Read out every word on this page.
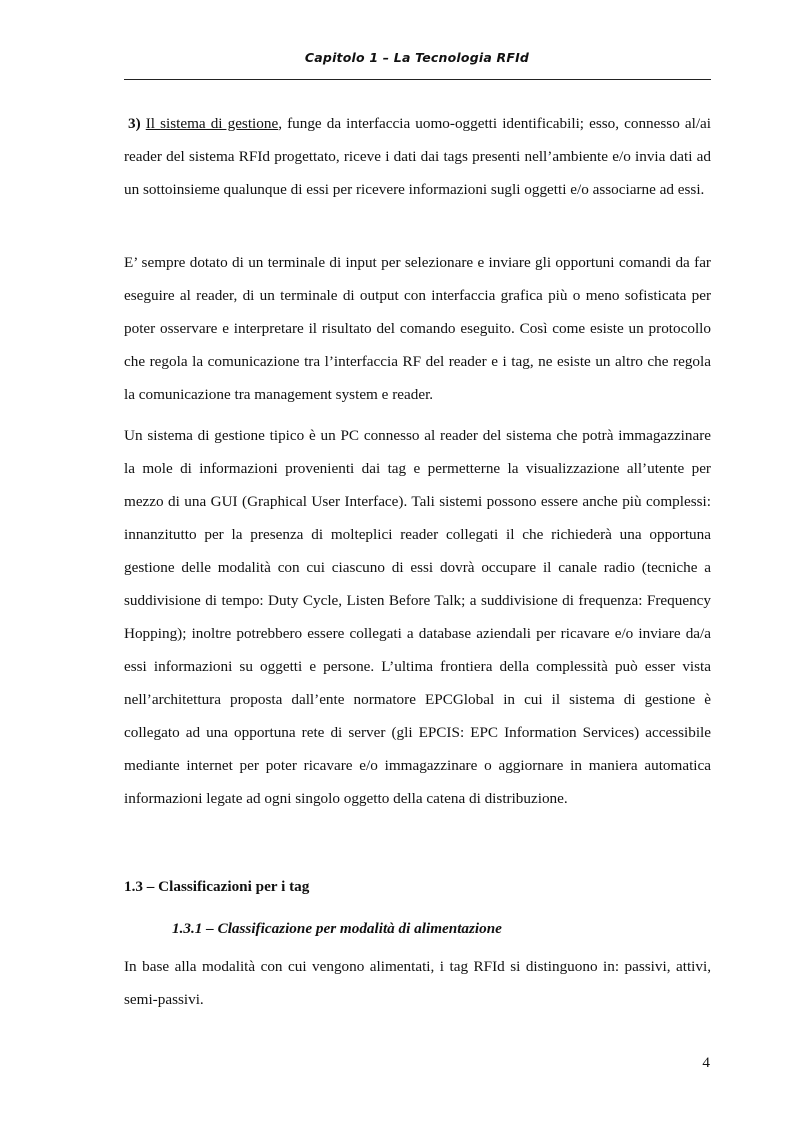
Capitolo 1 – La Tecnologia RFId
3) Il sistema di gestione, funge da interfaccia uomo-oggetti identificabili; esso, connesso al/ai reader del sistema RFId progettato, riceve i dati dai tags presenti nell’ambiente e/o invia dati ad un sottoinsieme qualunque di essi per ricevere informazioni sugli oggetti e/o associarne ad essi.
E’ sempre dotato di un terminale di input per selezionare e inviare gli opportuni comandi da far eseguire al reader, di un terminale di output con interfaccia grafica più o meno sofisticata per poter osservare e interpretare il risultato del comando eseguito. Così come esiste un protocollo che regola la comunicazione tra l’interfaccia RF del reader e i tag, ne esiste un altro che regola la comunicazione tra management system e reader.
Un sistema di gestione tipico è un PC connesso al reader del sistema che potrà immagazzinare la mole di informazioni provenienti dai tag e permetterne la visualizzazione all’utente per mezzo di una GUI (Graphical User Interface). Tali sistemi possono essere anche più complessi: innanzitutto per la presenza di molteplici reader collegati il che richiederà una opportuna gestione delle modalità con cui ciascuno di essi dovrà occupare il canale radio (tecniche a suddivisione di tempo: Duty Cycle, Listen Before Talk; a suddivisione di frequenza: Frequency Hopping); inoltre potrebbero essere collegati a database aziendali per ricavare e/o inviare da/a essi informazioni su oggetti e persone. L’ultima frontiera della complessità può esser vista nell’architettura proposta dall’ente normatore EPCGlobal in cui il sistema di gestione è collegato ad una opportuna rete di server (gli EPCIS: EPC Information Services) accessibile mediante internet per poter ricavare e/o immagazzinare o aggiornare in maniera automatica informazioni legate ad ogni singolo oggetto della catena di distribuzione.
1.3 – Classificazioni per i tag
1.3.1 – Classificazione per modalità di alimentazione
In base alla modalità con cui vengono alimentati, i tag RFId si distinguono in: passivi, attivi, semi-passivi.
4
